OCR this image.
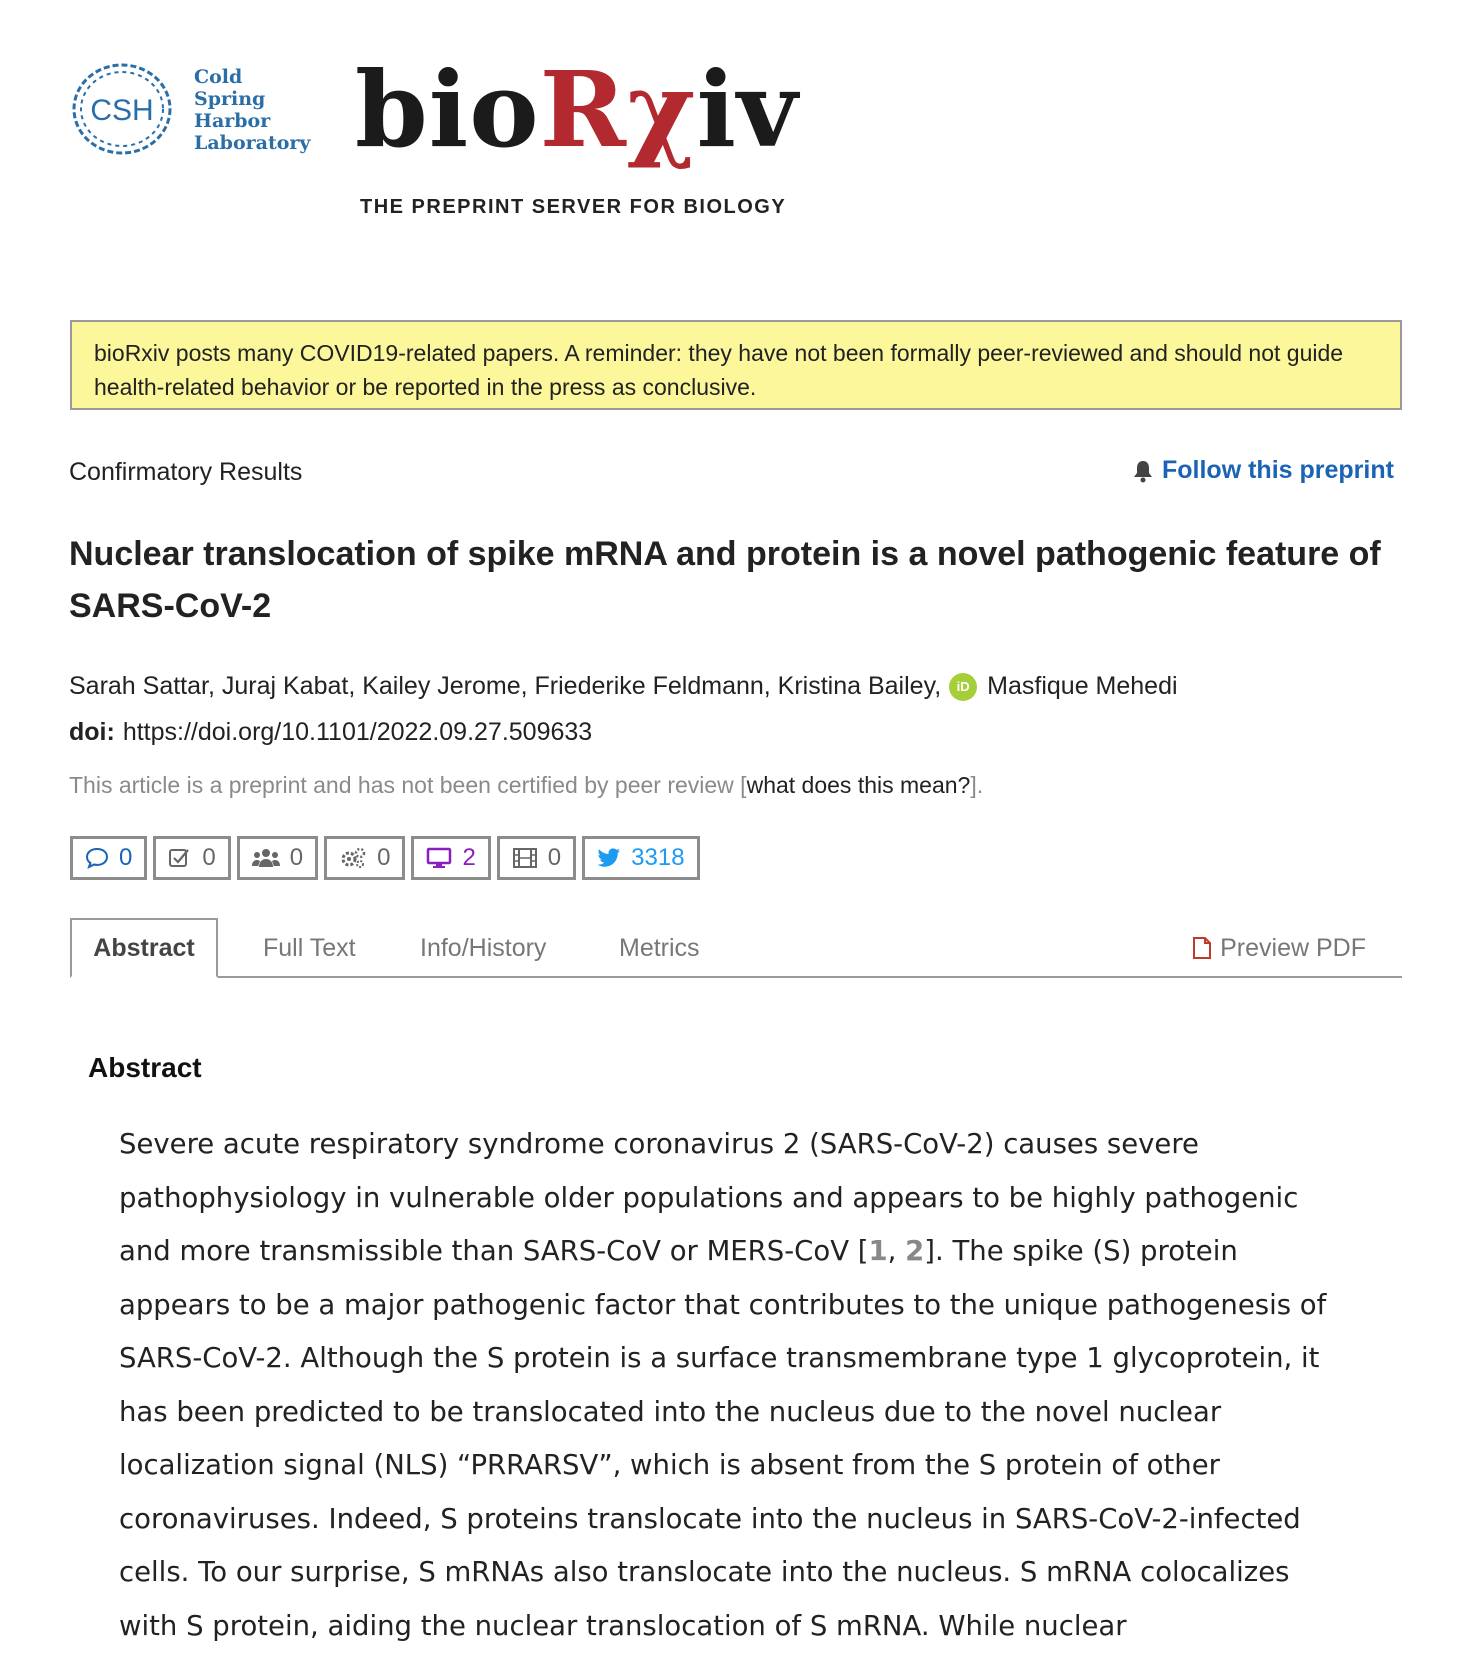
CSH
Cold
Spring
Harbor
Laboratory bioRχiv
THE PREPRINT SERVER FOR BIOLOGY
bioRxiv posts many COVID19-related papers. A reminder: they have not been formally peer-reviewed and should not guide health-related behavior or be reported in the press as conclusive.
Confirmatory Results	Follow this preprint
Nuclear translocation of spike mRNA and protein is a novel pathogenic feature of SARS-CoV-2
Sarah Sattar, Juraj Kabat, Kailey Jerome, Friederike Feldmann, Kristina Bailey,	iD Masfique Mehedi
doi: https://doi.org/10.1101/2022.09.27.509633
This article is a preprint and has not been certified by peer review [what does this mean?].
0	0	0	0	2	0	3318
Abstract	Full Text	Info/History	Metrics	Preview PDF
Abstract
Severe acute respiratory syndrome coronavirus 2 (SARS-CoV-2) causes severe pathophysiology in vulnerable older populations and appears to be highly pathogenic and more transmissible than SARS-CoV or MERS-CoV [1, 2]. The spike (S) protein appears to be a major pathogenic factor that contributes to the unique pathogenesis of SARS-CoV-2. Although the S protein is a surface transmembrane type 1 glycoprotein, it has been predicted to be translocated into the nucleus due to the novel nuclear localization signal (NLS) “PRRARSV”, which is absent from the S protein of other coronaviruses. Indeed, S proteins translocate into the nucleus in SARS-CoV-2-infected cells. To our surprise, S mRNAs also translocate into the nucleus. S mRNA colocalizes with S protein, aiding the nuclear translocation of S mRNA. While nuclear
